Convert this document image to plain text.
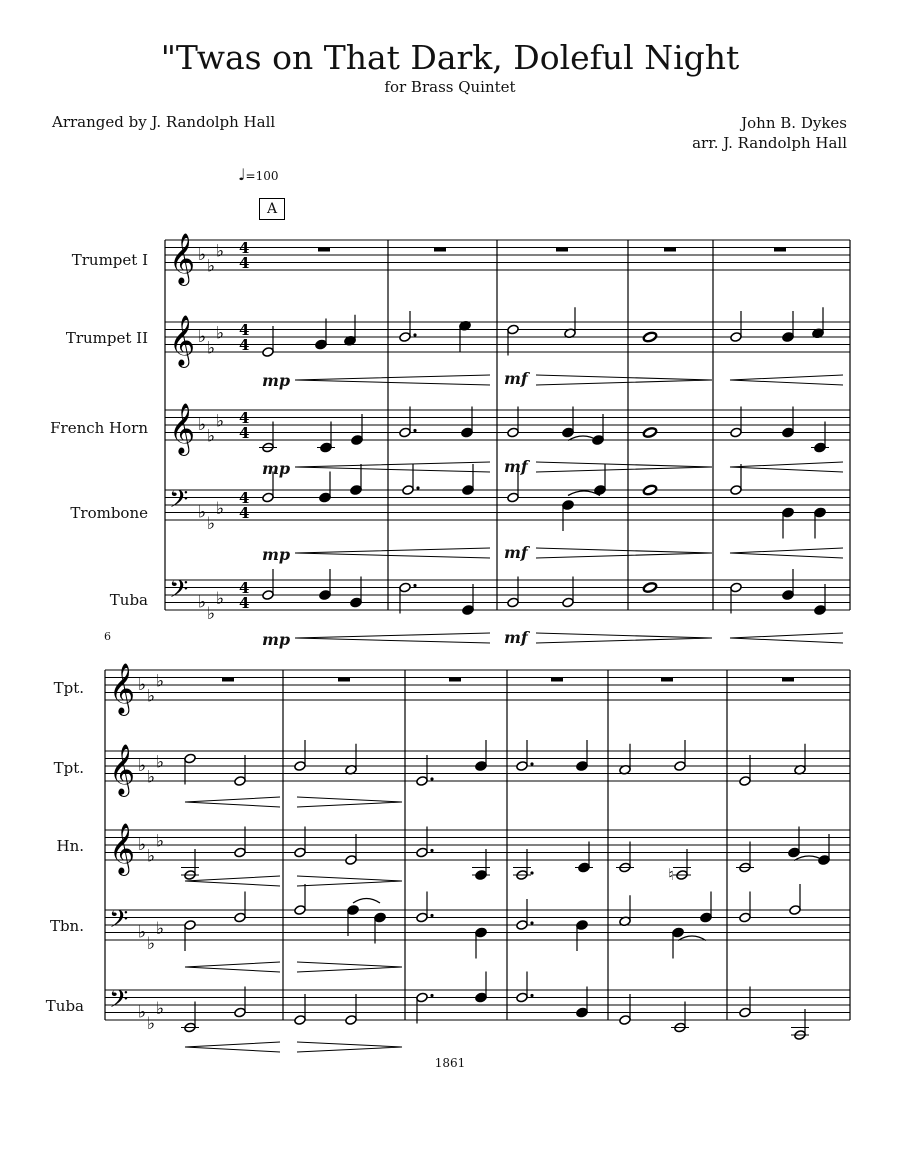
"Twas on That Dark, Doleful Night
for Brass Quintet
Arranged by J. Randolph Hall	John B. Dykes
arr. J. Randolph Hall
♩=100
A
Trumpet I
Trumpet II
French Horn
Trombone
Tuba
6
Tpt.
Tpt.
Hn.
Tbn.
Tuba
𝄞 ♭
♭
♭ 4
4
𝄞 ♭
♭
♭ 4
4
𝄞 ♭
♭
♭ 4
4
𝄢 ♭
♭
♭
4
4
𝄢 ♭
♭
♭
4
4
𝄞 ♭
♭
♭
𝄞 ♭
♭
♭
𝄞 ♭
♭
♭
𝄢 ♭
♭
♭
𝄢 ♭
♭
♭
♮
mp	mf
mp	mf
mp	mf
mp	mf
1861
